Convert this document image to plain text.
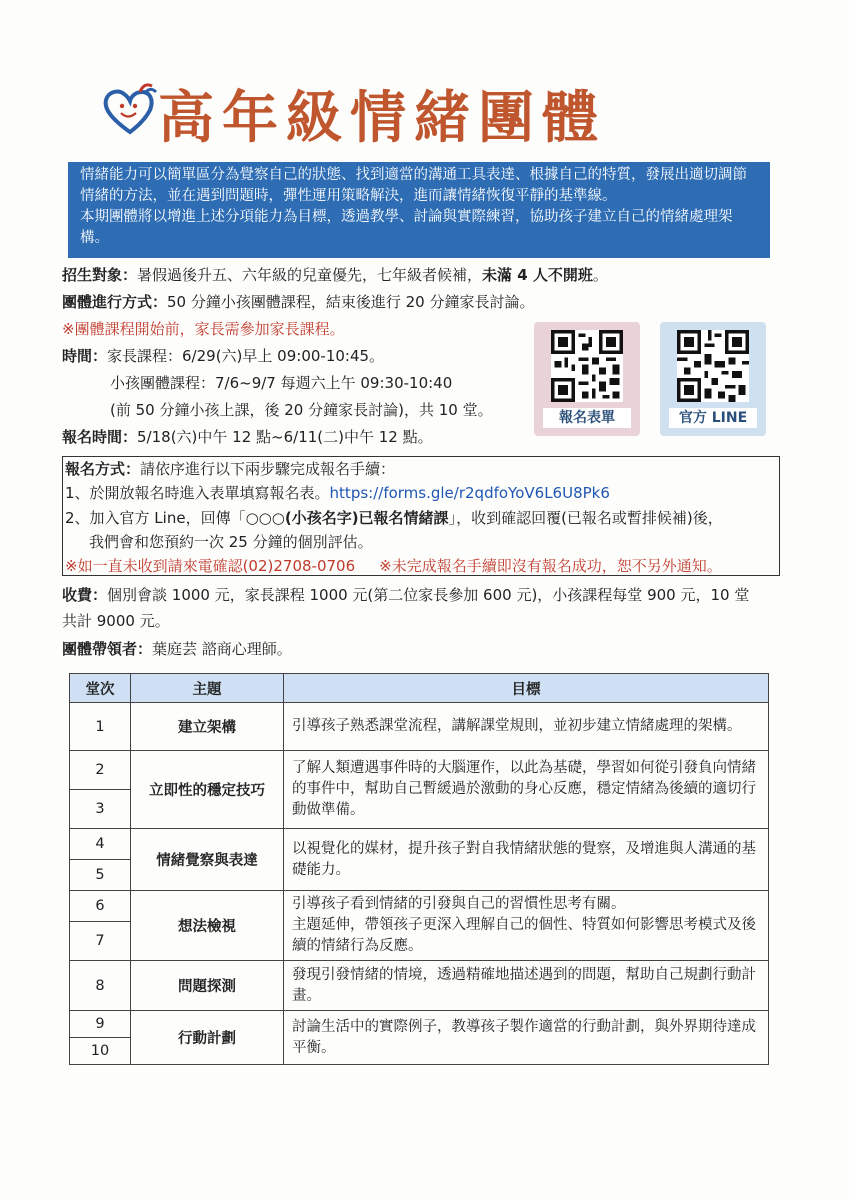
高年級情緒團體

情緒能力可以簡單區分為覺察自己的狀態、找到適當的溝通工具表達、根據自己的特質，發展出適切調節情緒的方法，並在遇到問題時，彈性運用策略解決，進而讓情緒恢復平靜的基準線。

本期團體將以增進上述分項能力為目標，透過教學、討論與實際練習，協助孩子建立自己的情緒處理架構。

招生對象：暑假過後升五、六年級的兒童優先，七年級者候補，未滿 4 人不開班。
團體進行方式：50 分鐘小孩團體課程，結束後進行 20 分鐘家長討論。
※團體課程開始前，家長需參加家長課程。
時間：家長課程：6/29(六)早上 09:00-10:45。
小孩團體課程：7/6~9/7 每週六上午 09:30-10:40
(前 50 分鐘小孩上課，後 20 分鐘家長討論)，共 10 堂。
報名時間：5/18(六)中午 12 點~6/11(二)中午 12 點。
報名表單	官方 LINE
報名方式：請依序進行以下兩步驟完成報名手續：
1、於開放報名時進入表單填寫報名表。https://forms.gle/r2qdfoYoV6L6U8Pk6
2、加入官方 Line，回傳「○○○(小孩名字)已報名情緒課」，收到確認回覆(已報名或暫排候補)後，
我們會和您預約一次 25 分鐘的個別評估。
※如一直未收到請來電確認(02)2708-0706 ※未完成報名手續即沒有報名成功，恕不另外通知。
收費：個別會談 1000 元，家長課程 1000 元(第二位家長參加 600 元)，小孩課程每堂 900 元，10 堂
共計 9000 元。
團體帶領者：葉庭芸 諮商心理師。
堂次	主題	目標
1	建立架構	引導孩子熟悉課堂流程，講解課堂規則，並初步建立情緒處理的架構。
2	立即性的穩定技巧	了解人類遭遇事件時的大腦運作，以此為基礎，學習如何從引發負向情緒的事件中，幫助自己暫緩過於激動的身心反應，穩定情緒為後續的適切行動做準備。
3		
4	情緒覺察與表達	以視覺化的媒材，提升孩子對自我情緒狀態的覺察，及增進與人溝通的基礎能力。
5		
6	想法檢視	引導孩子看到情緒的引發與自己的習慣性思考有關。
主題延伸，帶領孩子更深入理解自己的個性、特質如何影響思考模式及後續的情緒行為反應。

7		
8	問題探測	發現引發情緒的情境，透過精確地描述遇到的問題，幫助自己規劃行動計畫。
9	行動計劃	討論生活中的實際例子，教導孩子製作適當的行動計劃，與外界期待達成平衡。
10		
